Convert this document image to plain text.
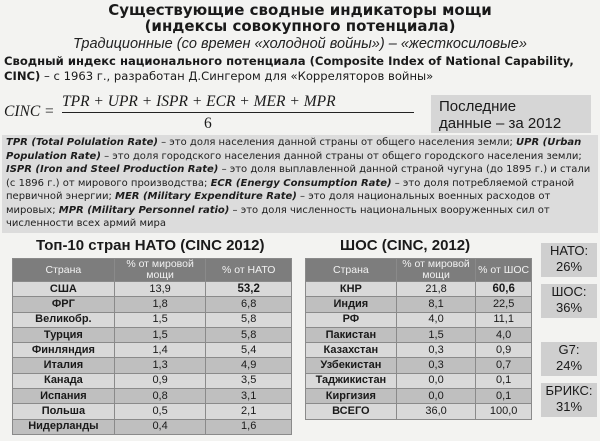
Существующие сводные индикаторы мощи
(индексы совокупного потенциала)
Традиционные (со времен «холодной войны») – «жесткосиловые»
Сводный индекс национального потенциала (Composite Index of National Capability, CINC) – с 1963 г., разработан Д.Сингером для «Корреляторов войны»
CINC =
TPR + UPR + ISPR + ECR + MER + MPR
6
Последние
данные – за 2012
TPR (Total Polulation Rate) – это доля населения данной страны от общего населения земли; UPR (Urban Population Rate) – это доля городского населения данной страны от общего городского населения земли; ISPR (Iron and Steel Production Rate) – это доля выплавленной данной страной чугуна (до 1895 г.) и стали (с 1896 г.) от мирового производства; ECR (Energy Consumption Rate) – это доля потребляемой страной первичной энергии; MER (Military Expenditure Rate) – это доля национальных военных расходов от мировых; MPR (Military Personnel ratio) – это доля численность национальных вооруженных сил от численности всех армий мира
Топ-10 стран НАТО (CINC 2012)	ШОС (CINC, 2012)
Страна	% от мировой мощи	% от НАТО
США	13,9	53,2
ФРГ	1,8	6,8
Великобр.	1,5	5,8
Турция	1,5	5,8
Финляндия	1,4	5,4
Италия	1,3	4,9
Канада	0,9	3,5
Испания	0,8	3,1
Польша	0,5	2,1
Нидерланды	0,4	1,6
Страна	% от мировой мощи	% от ШОС
КНР	21,8	60,6
Индия	8,1	22,5
РФ	4,0	11,1
Пакистан	1,5	4,0
Казахстан	0,3	0,9
Узбекистан	0,3	0,7
Таджикистан	0,0	0,1
Киргизия	0,0	0,1
ВСЕГО	36,0	100,0
НАТО:
26%
ШОС:
36%
G7:
24%
БРИКС:
31%
